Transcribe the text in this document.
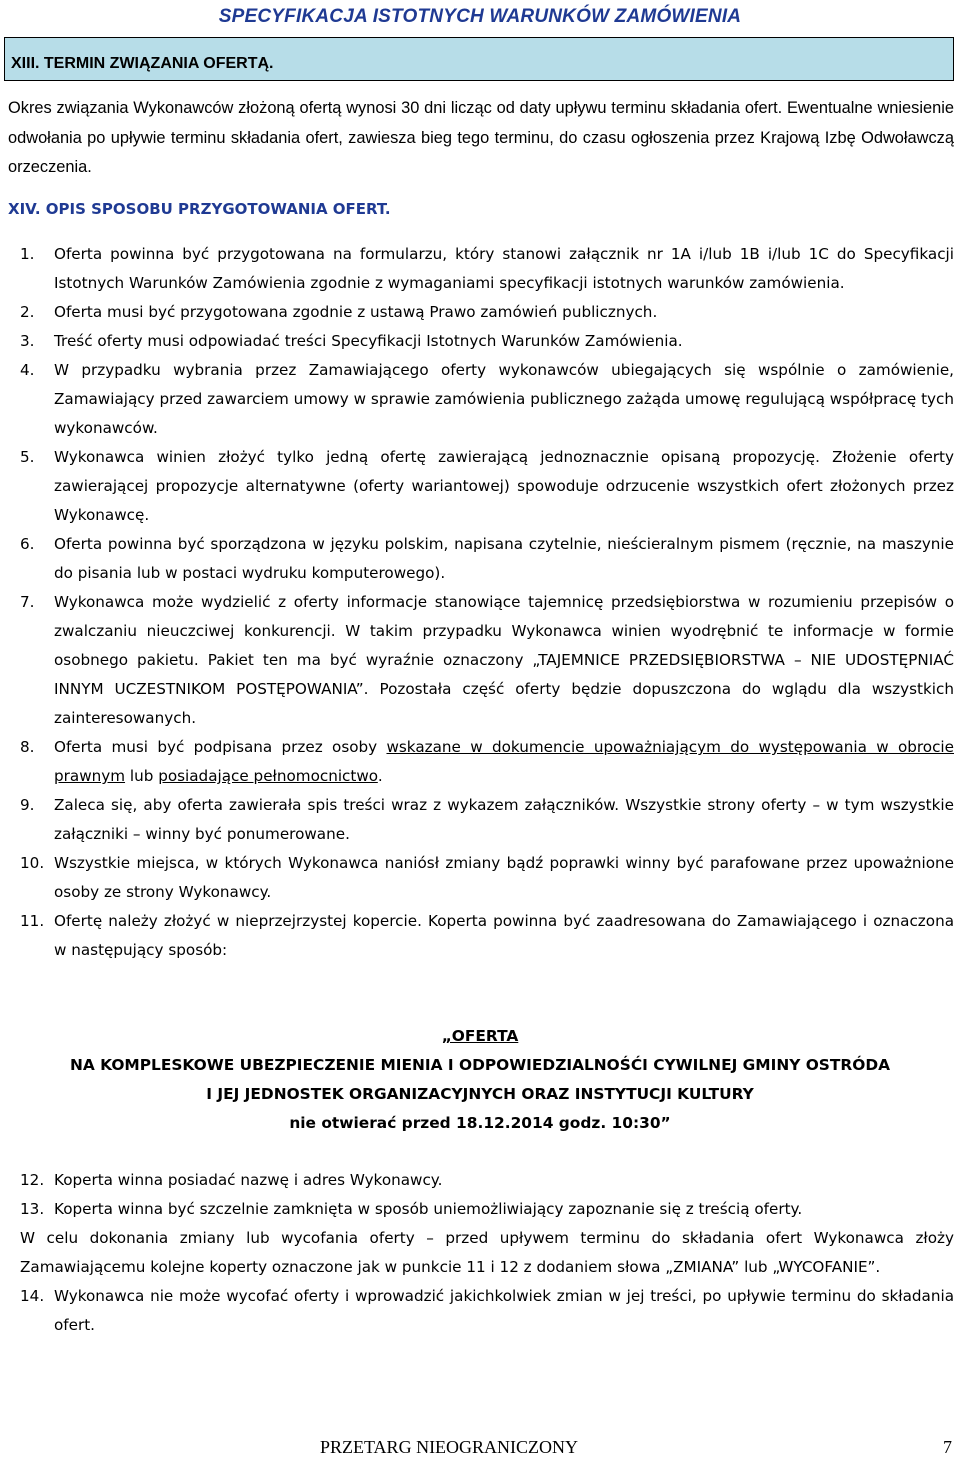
SPECYFIKACJA ISTOTNYCH WARUNKÓW ZAMÓWIENIA
XIII. TERMIN ZWIĄZANIA OFERTĄ.
Okres związania Wykonawców złożoną ofertą wynosi 30 dni licząc od daty upływu terminu składania ofert. Ewentualne wniesienie odwołania po upływie terminu składania ofert, zawiesza bieg tego terminu, do czasu ogłoszenia przez Krajową Izbę Odwoławczą orzeczenia.
XIV. OPIS SPOSOBU PRZYGOTOWANIA OFERT.
1.	Oferta powinna być przygotowana na formularzu, który stanowi załącznik nr 1A i/lub 1B i/lub 1C do Specyfikacji Istotnych Warunków Zamówienia zgodnie z wymaganiami specyfikacji istotnych warunków zamówienia.
2.	Oferta musi być przygotowana zgodnie z ustawą Prawo zamówień publicznych.
3.	Treść oferty musi odpowiadać treści Specyfikacji Istotnych Warunków Zamówienia.
4.	W przypadku wybrania przez Zamawiającego oferty wykonawców ubiegających się wspólnie o zamówienie, Zamawiający przed zawarciem umowy w sprawie zamówienia publicznego zażąda umowę regulującą współpracę tych wykonawców.
5.	Wykonawca winien złożyć tylko jedną ofertę zawierającą jednoznacznie opisaną propozycję. Złożenie oferty zawierającej propozycje alternatywne (oferty wariantowej) spowoduje odrzucenie wszystkich ofert złożonych przez Wykonawcę.
6.	Oferta powinna być sporządzona w języku polskim, napisana czytelnie, nieścieralnym pismem (ręcznie, na maszynie do pisania lub w postaci wydruku komputerowego).
7.	Wykonawca może wydzielić z oferty informacje stanowiące tajemnicę przedsiębiorstwa w rozumieniu przepisów o zwalczaniu nieuczciwej konkurencji. W takim przypadku Wykonawca winien wyodrębnić te informacje w formie osobnego pakietu. Pakiet ten ma być wyraźnie oznaczony „TAJEMNICE PRZEDSIĘBIORSTWA – NIE UDOSTĘPNIAĆ INNYM UCZESTNIKOM POSTĘPOWANIA”. Pozostała część oferty będzie dopuszczona do wglądu dla wszystkich zainteresowanych.
8.	Oferta musi być podpisana przez osoby wskazane w dokumencie upoważniającym do występowania w obrocie prawnym lub posiadające pełnomocnictwo.
9.	Zaleca się, aby oferta zawierała spis treści wraz z wykazem załączników. Wszystkie strony oferty – w tym wszystkie załączniki – winny być ponumerowane.
10. Wszystkie miejsca, w których Wykonawca naniósł zmiany bądź poprawki winny być parafowane przez upoważnione osoby ze strony Wykonawcy.
11. Ofertę należy złożyć w nieprzejrzystej kopercie. Koperta powinna być zaadresowana do Zamawiającego i oznaczona w następujący sposób:
„OFERTA
NA KOMPLESKOWE UBEZPIECZENIE MIENIA I ODPOWIEDZIALNOŚĆI CYWILNEJ GMINY OSTRÓDA
I JEJ JEDNOSTEK ORGANIZACYJNYCH ORAZ INSTYTUCJI KULTURY
nie otwierać przed 18.12.2014 godz. 10:30”
12. Koperta winna posiadać nazwę i adres Wykonawcy.
13. Koperta winna być szczelnie zamknięta w sposób uniemożliwiający zapoznanie się z treścią oferty.
W celu dokonania zmiany lub wycofania oferty – przed upływem terminu do składania ofert Wykonawca złoży Zamawiającemu kolejne koperty oznaczone jak w punkcie 11 i 12 z dodaniem słowa „ZMIANA” lub „WYCOFANIE”.
14. Wykonawca nie może wycofać oferty i wprowadzić jakichkolwiek zmian w jej treści, po upływie terminu do składania ofert.
PRZETARG NIEOGRANICZONY	7
